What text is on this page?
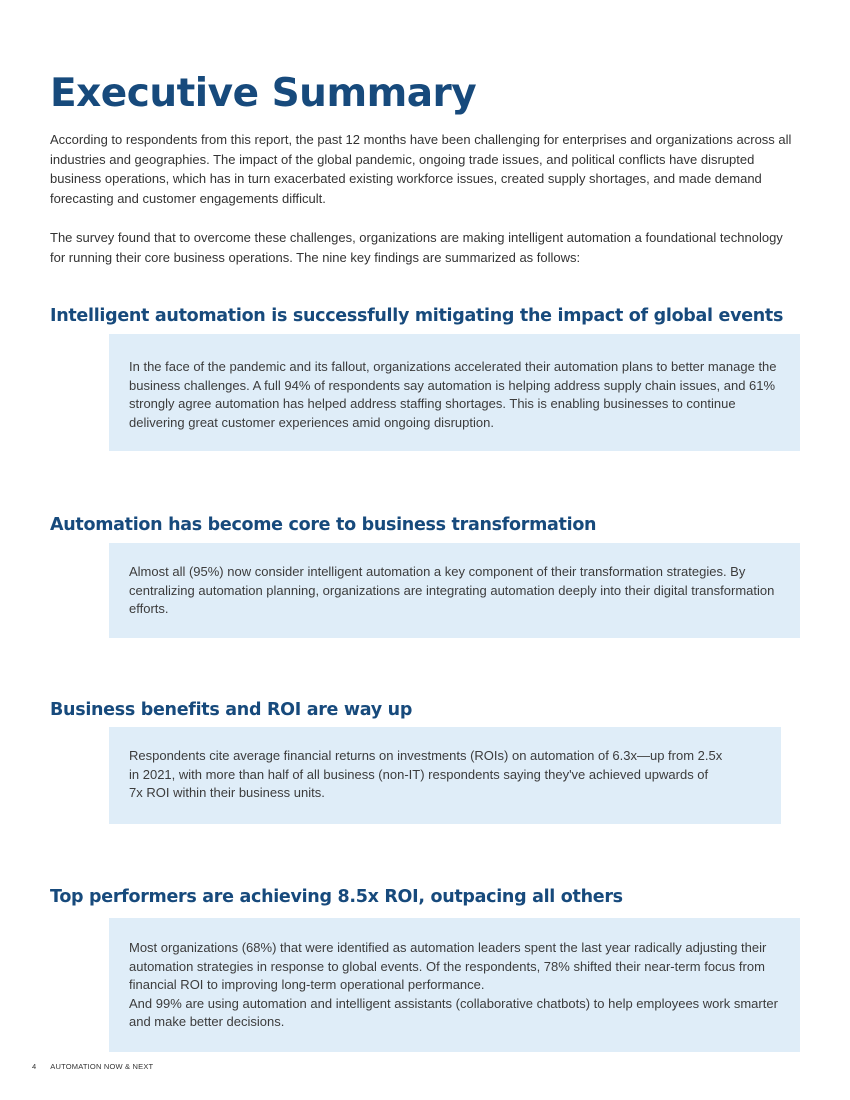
Executive Summary

According to respondents from this report, the past 12 months have been challenging for enterprises and organizations across all industries and geographies. The impact of the global pandemic, ongoing trade issues, and political conflicts have disrupted business operations, which has in turn exacerbated existing workforce issues, created supply shortages, and made demand forecasting and customer engagements difficult.

The survey found that to overcome these challenges, organizations are making intelligent automation a foundational technology for running their core business operations. The nine key findings are summarized as follows:

Intelligent automation is successfully mitigating the impact of global events

In the face of the pandemic and its fallout, organizations accelerated their automation plans to better manage the business challenges. A full 94% of respondents say automation is helping address supply chain issues, and 61% strongly agree automation has helped address staffing shortages. This is enabling businesses to continue delivering great customer experiences amid ongoing disruption.

Automation has become core to business transformation

Almost all (95%) now consider intelligent automation a key component of their transformation strategies. By centralizing automation planning, organizations are integrating automation deeply into their digital transformation efforts.

Business benefits and ROI are way up

Respondents cite average financial returns on investments (ROIs) on automation of 6.3x—up from 2.5x in 2021, with more than half of all business (non-IT) respondents saying they've achieved upwards of 7x ROI within their business units.

Top performers are achieving 8.5x ROI, outpacing all others

Most organizations (68%) that were identified as automation leaders spent the last year radically adjusting their automation strategies in response to global events. Of the respondents, 78% shifted their near-term focus from financial ROI to improving long-term operational performance.

And 99% are using automation and intelligent assistants (collaborative chatbots) to help employees work smarter and make better decisions.

4 AUTOMATION NOW & NEXT
